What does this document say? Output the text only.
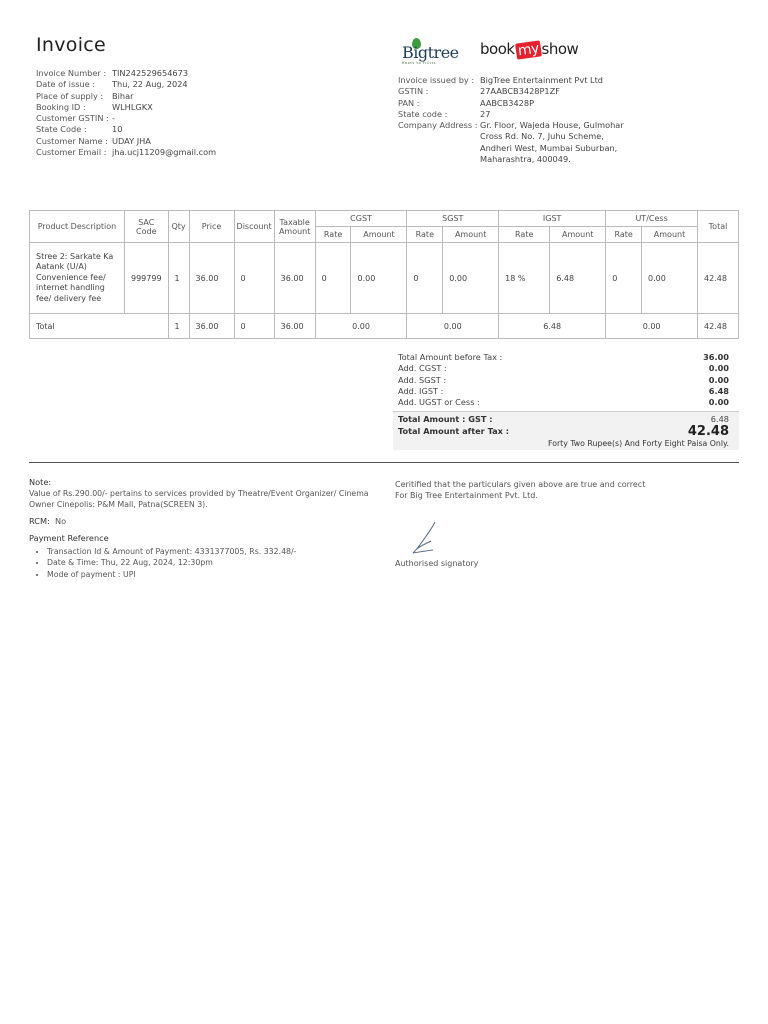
Invoice
Invoice Number : TIN242529654673
Date of issue :	Thu, 22 Aug, 2024
Place of supply :	Bihar
Booking ID :	WLHLGKX
Customer GSTIN : -
State Code :	10
Customer Name : UDAY JHA
Customer Email : jha.ucj11209@gmail.com
Bigtree
Roots to Fruits
book my show
Invoice issued by : BigTree Entertainment Pvt Ltd
GSTIN :	27AABCB3428P1ZF
PAN :	AABCB3428P
State code :	27
Company Address : Gr. Floor, Wajeda House, Gulmohar Cross Rd. No. 7, Juhu Scheme, Andheri West, Mumbai Suburban, Maharashtra, 400049.
Product Description	SAC Code	Qty	Price	Discount	Taxable Amount	CGST		SGST		IGST		UT/Cess		Total
						Rate	Amount	Rate	Amount	Rate	Amount	Rate	Amount	
Stree 2: Sarkate Ka Aatank (U/A) Convenience fee/ internet handling fee/ delivery fee	999799	1	36.00	0	36.00	0	0.00	0	0.00	18 %	6.48	0	0.00	42.48
Total		1	36.00	0	36.00	0.00		0.00		6.48		0.00		42.48
Total Amount before Tax :	36.00
Add. CGST :	0.00
Add. SGST :	0.00
Add. IGST :	6.48
Add. UGST or Cess :	0.00
Total Amount : GST :	6.48
Total Amount after Tax :	42.48
Forty Two Rupee(s) And Forty Eight Paisa Only.
Note:
Value of Rs.290.00/- pertains to services provided by Theatre/Event Organizer/ Cinema Owner Cinepolis: P&M Mall, Patna(SCREEN 3).
RCM: No
Payment Reference
• Transaction Id & Amount of Payment: 4331377005, Rs. 332.48/-
• Date & Time: Thu, 22 Aug, 2024, 12:30pm
• Mode of payment : UPI
Ceritified that the particulars given above are true and correct
For Big Tree Entertainment Pvt. Ltd.
Authorised signatory
